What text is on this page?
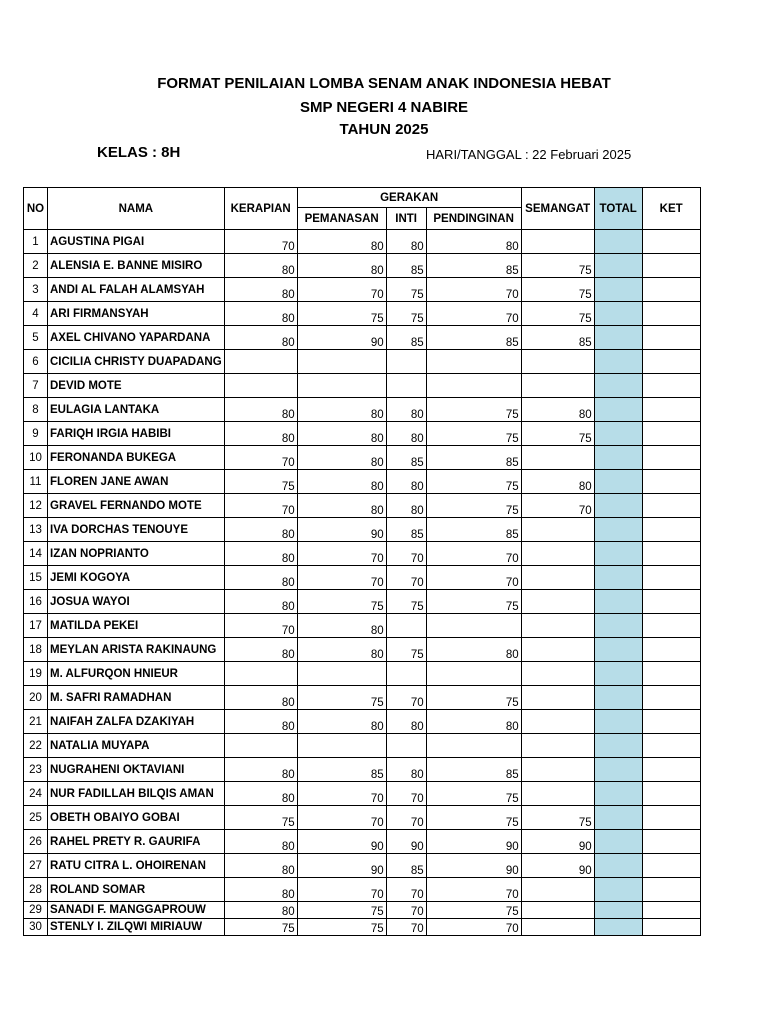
FORMAT PENILAIAN LOMBA SENAM ANAK INDONESIA HEBAT
SMP NEGERI 4 NABIRE
TAHUN 2025
KELAS : 8H	HARI/TANGGAL : 22 Februari 2025
NO	NAMA	KERAPIAN	GERAKAN			SEMANGAT	TOTAL	KET
			PEMANASAN	INTI	PENDINGINAN			
1	AGUSTINA PIGAI	70	80	80	80			
2	ALENSIA E. BANNE MISIRO	80	80	85	85	75		
3	ANDI AL FALAH ALAMSYAH	80	70	75	70	75		
4	ARI FIRMANSYAH	80	75	75	70	75		
5	AXEL CHIVANO YAPARDANA	80	90	85	85	85		
6	CICILIA CHRISTY DUAPADANG							
7	DEVID MOTE							
8	EULAGIA LANTAKA	80	80	80	75	80		
9	FARIQH IRGIA HABIBI	80	80	80	75	75		
10	FERONANDA BUKEGA	70	80	85	85			
11	FLOREN JANE AWAN	75	80	80	75	80		
12	GRAVEL FERNANDO MOTE	70	80	80	75	70		
13	IVA DORCHAS TENOUYE	80	90	85	85			
14	IZAN NOPRIANTO	80	70	70	70			
15	JEMI KOGOYA	80	70	70	70			
16	JOSUA WAYOI	80	75	75	75			
17	MATILDA PEKEI	70	80					
18	MEYLAN ARISTA RAKINAUNG	80	80	75	80			
19	M. ALFURQON HNIEUR							
20	M. SAFRI RAMADHAN	80	75	70	75			
21	NAIFAH ZALFA DZAKIYAH	80	80	80	80			
22	NATALIA MUYAPA							
23	NUGRAHENI OKTAVIANI	80	85	80	85			
24	NUR FADILLAH BILQIS AMAN	80	70	70	75			
25	OBETH OBAIYO GOBAI	75	70	70	75	75		
26	RAHEL PRETY R. GAURIFA	80	90	90	90	90		
27	RATU CITRA L. OHOIRENAN	80	90	85	90	90		
28	ROLAND SOMAR	80	70	70	70			
29	SANADI F. MANGGAPROUW	80	75	70	75			
30	STENLY I. ZILQWI MIRIAUW	75	75	70	70			
